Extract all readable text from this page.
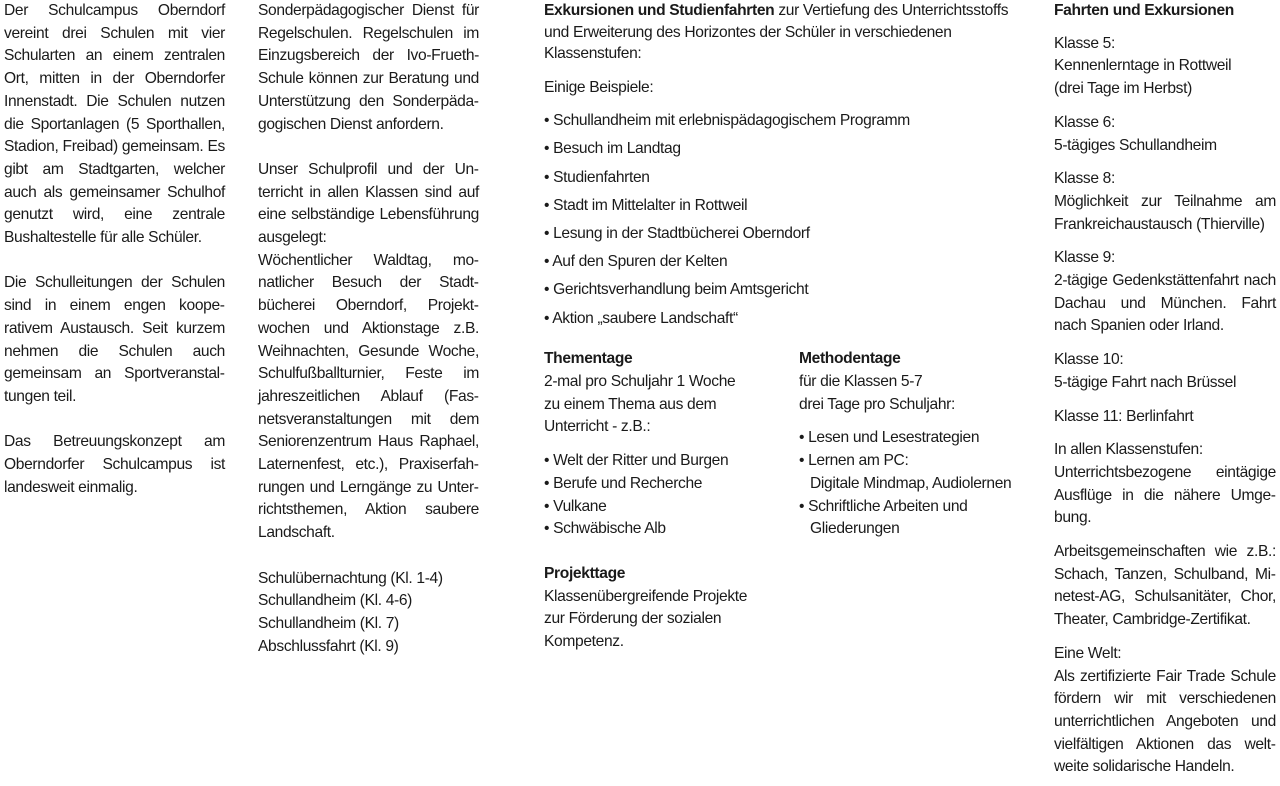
Der Schulcampus Oberndorf vereint drei Schulen mit vier Schularten an einem zentralen Ort, mitten in der Oberndorfer Innenstadt. Die Schulen nutzen die Sportanlagen (5 Sporthallen, Stadion, Freibad) gemeinsam. Es gibt am Stadtgarten, welcher auch als gemeinsamer Schulhof genutzt wird, eine zentrale Bushaltestelle für alle Schüler.

Die Schulleitungen der Schulen sind in einem engen kooperativem Austausch. Seit kurzem nehmen die Schulen auch gemeinsam an Sportveranstaltungen teil.

Das Betreuungskonzept am Oberndorfer Schulcampus ist landesweit einmalig.

Sonderpädagogischer Dienst für Regelschulen. Regelschulen im Einzugsbereich der Ivo-Frueth-Schule können zur Beratung und Unterstützung den Sonderpädagogischen Dienst anfordern.

Unser Schulprofil und der Unterricht in allen Klassen sind auf eine selbständige Lebensführung ausgelegt:

Wöchentlicher Waldtag, monatlicher Besuch der Stadtbücherei Oberndorf, Projektwochen und Aktionstage z.B. Weihnachten, Gesunde Woche, Schulfußballturnier, Feste im jahreszeitlichen Ablauf (Fasnetsveranstaltungen mit dem Seniorenzentrum Haus Raphael, Laternenfest, etc.), Praxiserfahrungen und Lerngänge zu Unterrichtsthemen, Aktion saubere Landschaft.

Schulübernachtung (Kl. 1-4)

Schullandheim (Kl. 4-6)

Schullandheim (Kl. 7)

Abschlussfahrt (Kl. 9)

Exkursionen und Studienfahrten zur Vertiefung des Unterrichtsstoffs und Erweiterung des Horizontes der Schüler in verschiedenen Klassenstufen:

Einige Beispiele:

• Schullandheim mit erlebnispädagogischem Programm
• Besuch im Landtag
• Studienfahrten
• Stadt im Mittelalter in Rottweil
• Lesung in der Stadtbücherei Oberndorf
• Auf den Spuren der Kelten
• Gerichtsverhandlung beim Amtsgericht
• Aktion „saubere Landschaft“

Thementage

2-mal pro Schuljahr 1 Woche

zu einem Thema aus dem

Unterricht - z.B.:

• Welt der Ritter und Burgen
• Berufe und Recherche
• Vulkane
• Schwäbische Alb

Projekttage

Klassenübergreifende Projekte

zur Förderung der sozialen

Kompetenz.

Methodentage

für die Klassen 5-7

drei Tage pro Schuljahr:

• Lesen und Lesestrategien
• Lernen am PC:
Digitale Mindmap, Audiolernen
• Schriftliche Arbeiten und Gliederungen

Fahrten und Exkursionen

Klasse 5:

Kennenlerntage in Rottweil

(drei Tage im Herbst)

Klasse 6:

5-tägiges Schullandheim

Klasse 8:

Möglichkeit zur Teilnahme am Frankreichaustausch (Thierville)

Klasse 9:

2-tägige Gedenkstättenfahrt nach Dachau und München. Fahrt nach Spanien oder Irland.

Klasse 10:

5-tägige Fahrt nach Brüssel

Klasse 11: Berlinfahrt

In allen Klassenstufen:

Unterrichtsbezogene eintägige Ausflüge in die nähere Umgebung.

Arbeitsgemeinschaften wie z.B.: Schach, Tanzen, Schulband, Minetest-AG, Schulsanitäter, Chor, Theater, Cambridge-Zertifikat.

Eine Welt:

Als zertifizierte Fair Trade Schule fördern wir mit verschiedenen unterrichtlichen Angeboten und vielfältigen Aktionen das weltweite solidarische Handeln.
